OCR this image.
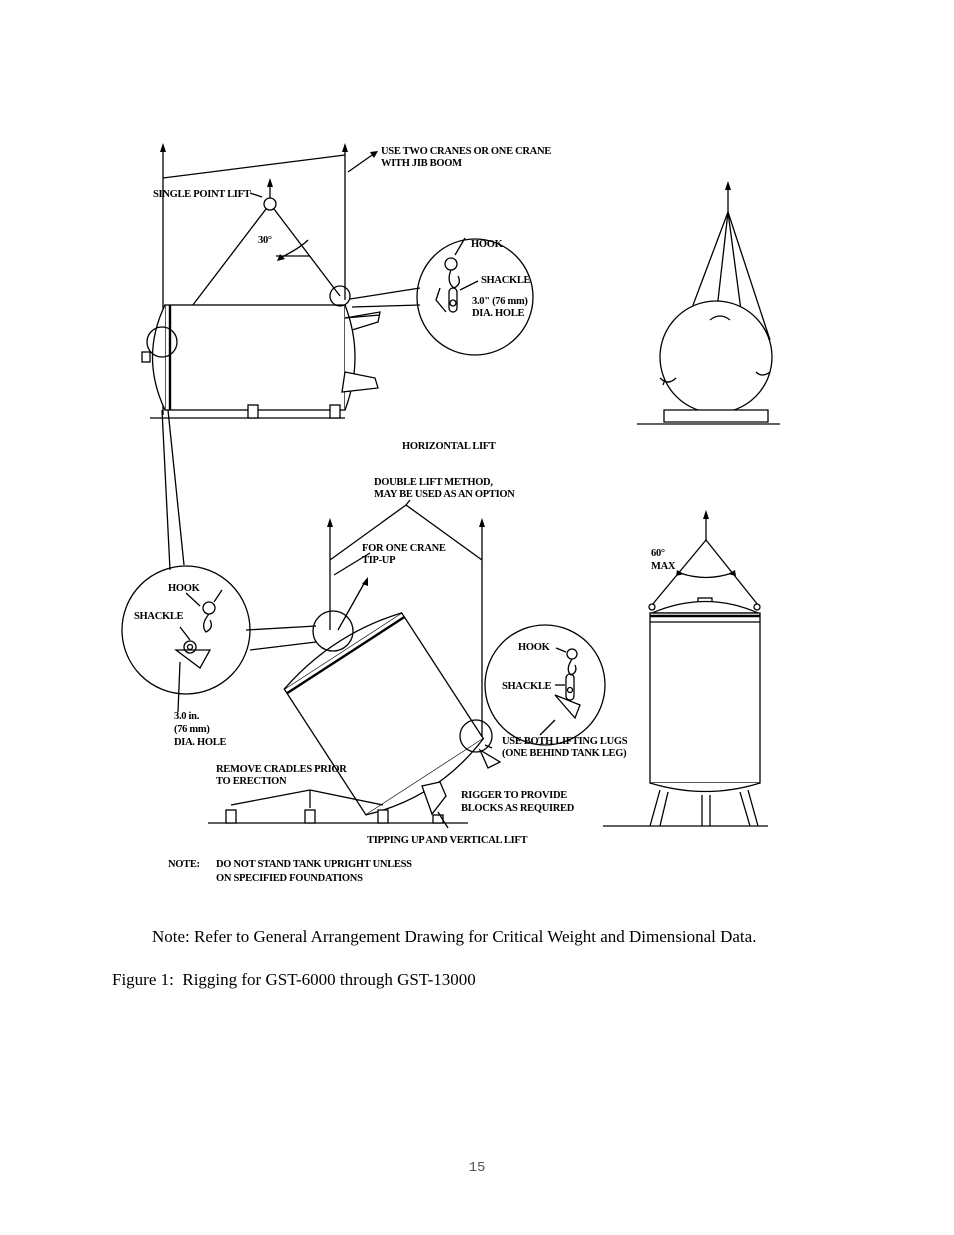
USE TWO CRANES OR ONE CRANE
WITH JIB BOOM
SINGLE POINT LIFT
30°	HOOK
SHACKLE
3.0" (76 mm)
DIA. HOLE
HORIZONTAL LIFT
DOUBLE LIFT METHOD,
MAY BE USED AS AN OPTION
FOR ONE CRANE
TIP-UP
60°
MAX
HOOK
SHACKLE
HOOK
SHACKLE
3.0 in.
(76 mm)
DIA. HOLE	USE BOTH LIFTING LUGS
(ONE BEHIND TANK LEG)
REMOVE CRADLES PRIOR
TO ERECTION
RIGGER TO PROVIDE
BLOCKS AS REQUIRED
TIPPING UP AND VERTICAL LIFT
NOTE: DO NOT STAND TANK UPRIGHT UNLESS
ON SPECIFIED FOUNDATIONS
Note: Refer to General Arrangement Drawing for Critical Weight and Dimensional Data.
Figure 1: Rigging for GST-6000 through GST-13000
15
